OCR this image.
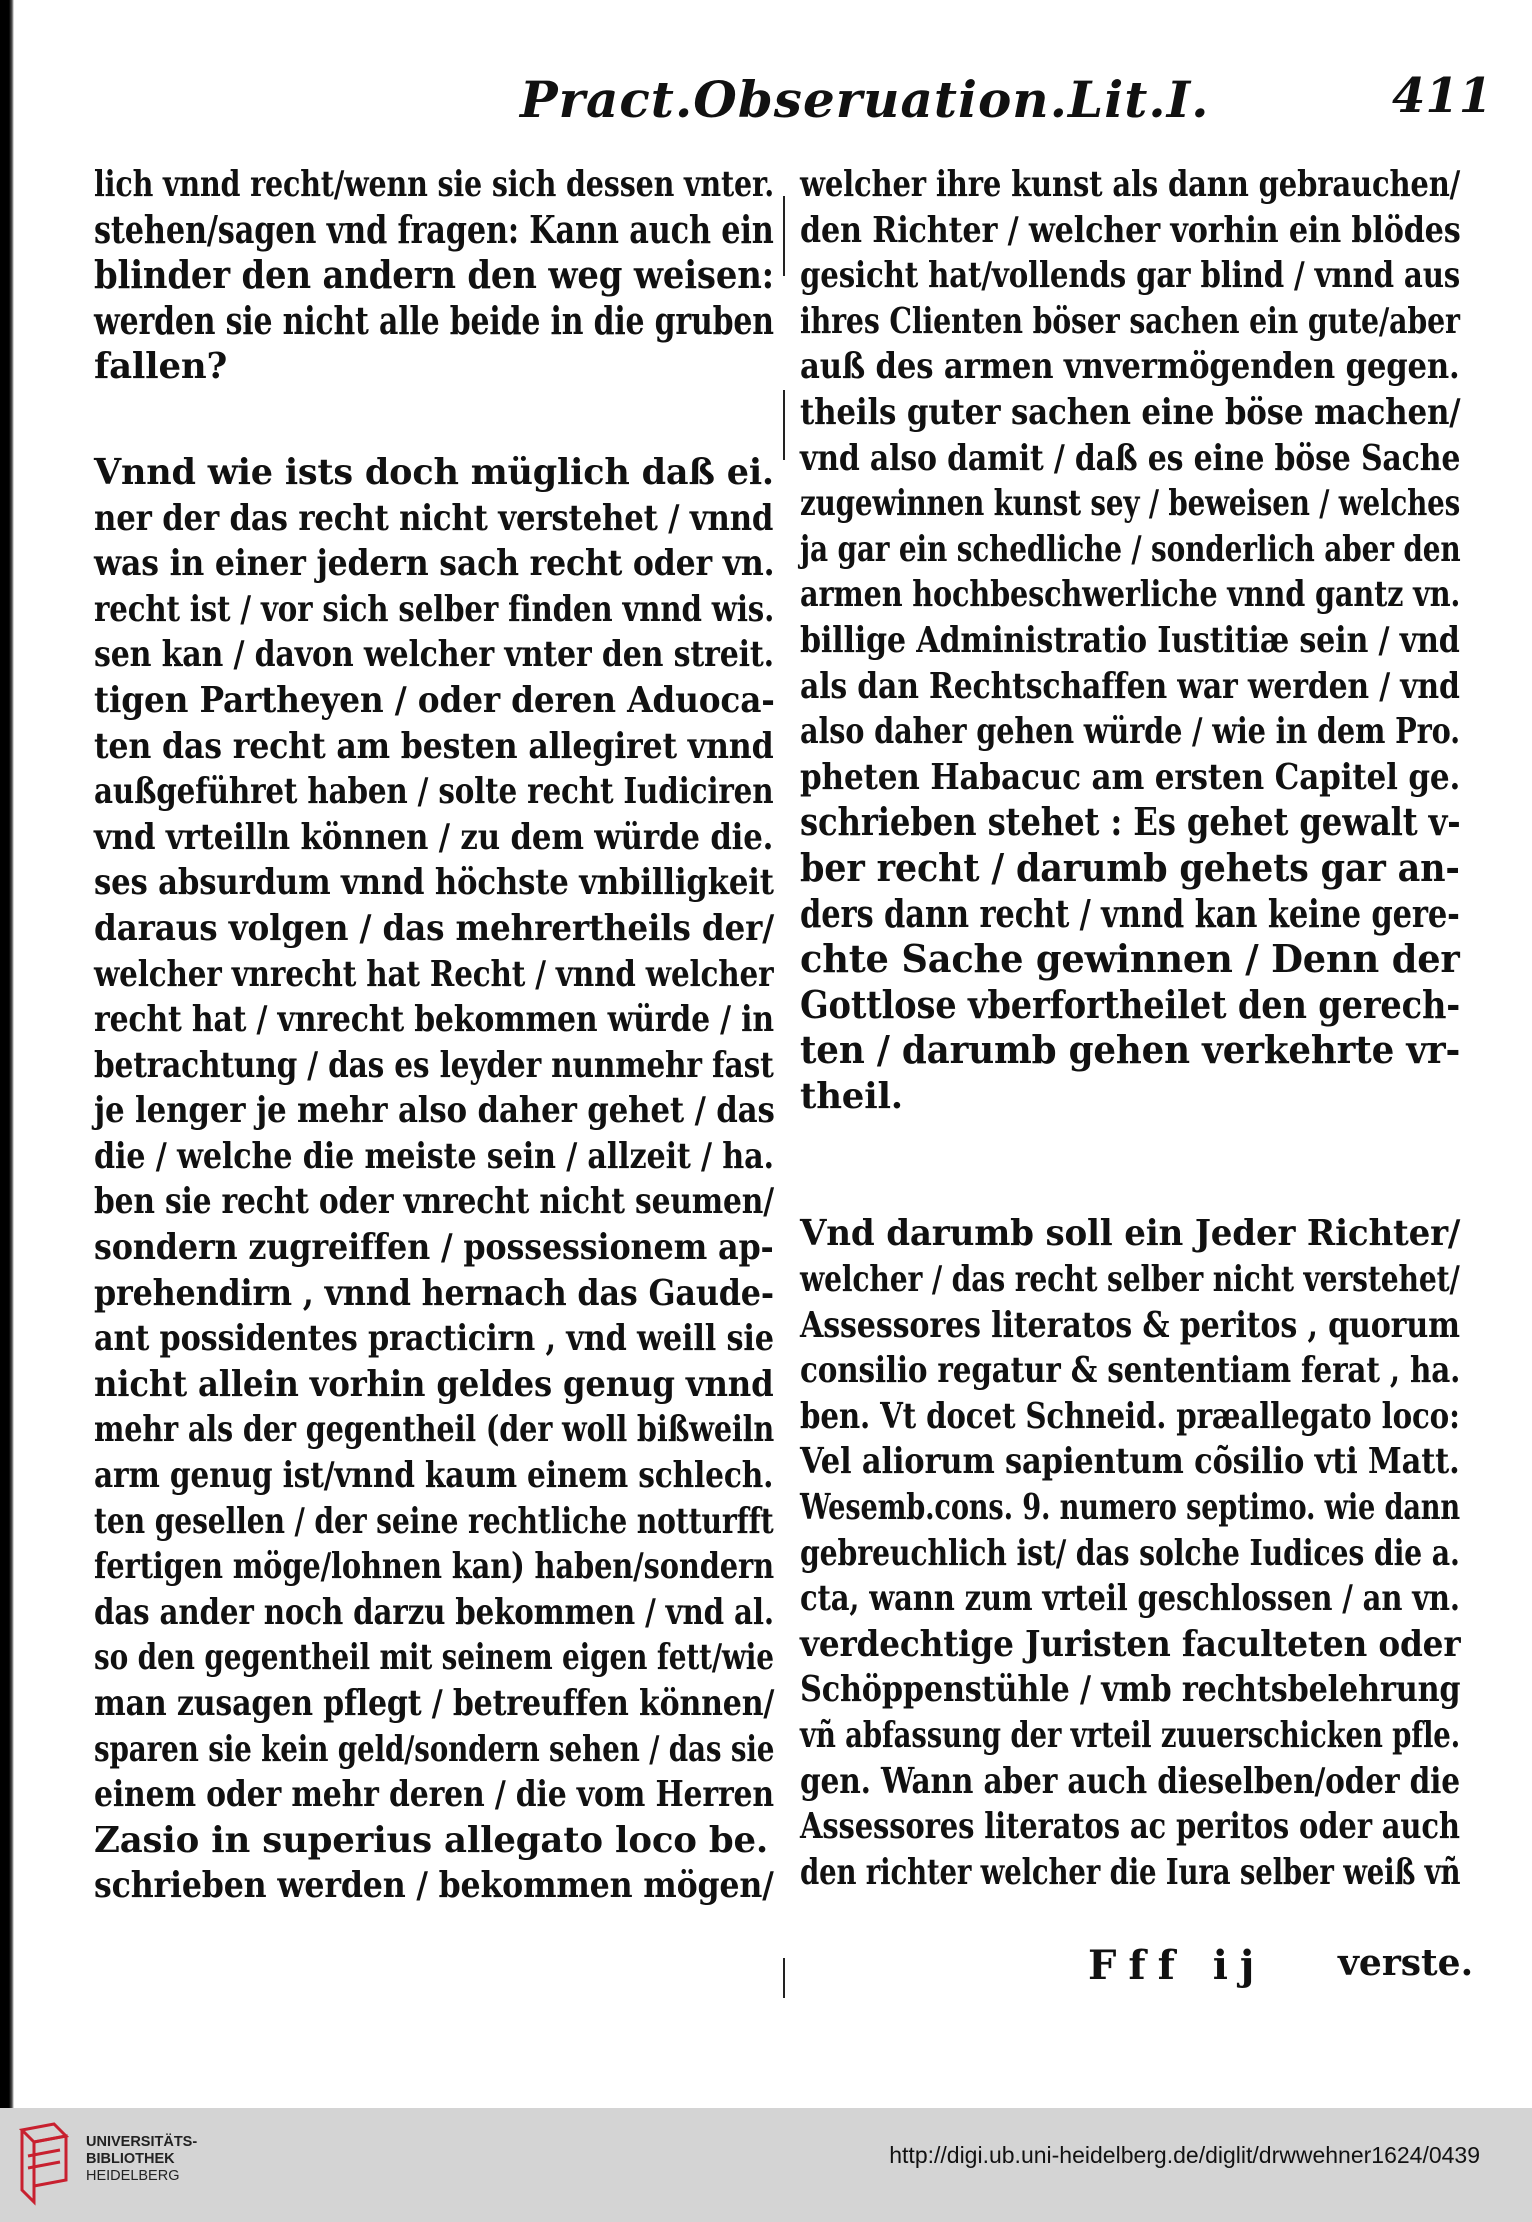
Pract.Obseruation.Lit.I.	411
lich vnnd recht/wenn sie sich dessen vnter.
stehen/sagen vnd fragen: Kann auch ein
blinder den andern den weg weisen:
werden sie nicht alle beide in die gruben
fallen?
Vnnd wie ists doch müglich daß ei.
ner der das recht nicht verstehet / vnnd
was in einer jedern sach recht oder vn.
recht ist / vor sich selber finden vnnd wis.
sen kan / davon welcher vnter den streit.
tigen Partheyen / oder deren Aduoca-
ten das recht am besten allegiret vnnd
außgeführet haben / solte recht Iudiciren
vnd vrteilln können / zu dem würde die.
ses absurdum vnnd höchste vnbilligkeit
daraus volgen / das mehrertheils der/
welcher vnrecht hat Recht / vnnd welcher
recht hat / vnrecht bekommen würde / in
betrachtung / das es leyder nunmehr fast
je lenger je mehr also daher gehet / das
die / welche die meiste sein / allzeit / ha.
ben sie recht oder vnrecht nicht seumen/
sondern zugreiffen / possessionem ap-
prehendirn , vnnd hernach das Gaude-
ant possidentes practicirn , vnd weill sie
nicht allein vorhin geldes genug vnnd
mehr als der gegentheil (der woll bißweiln
arm genug ist/vnnd kaum einem schlech.
ten gesellen / der seine rechtliche notturfft
fertigen möge/lohnen kan) haben/sondern
das ander noch darzu bekommen / vnd al.
so den gegentheil mit seinem eigen fett/wie
man zusagen pflegt / betreuffen können/
sparen sie kein geld/sondern sehen / das sie
einem oder mehr deren / die vom Herren
Zasio in superius allegato loco be.
schrieben werden / bekommen mögen/
welcher ihre kunst als dann gebrauchen/
den Richter / welcher vorhin ein blödes
gesicht hat/vollends gar blind / vnnd aus
ihres Clienten böser sachen ein gute/aber
auß des armen vnvermögenden gegen.
theils guter sachen eine böse machen/
vnd also damit / daß es eine böse Sache
zugewinnen kunst sey / beweisen / welches
ja gar ein schedliche / sonderlich aber den
armen hochbeschwerliche vnnd gantz vn.
billige Administratio Iustitiæ sein / vnd
als dan Rechtschaffen war werden / vnd
also daher gehen würde / wie in dem Pro.
pheten Habacuc am ersten Capitel ge.
schrieben stehet : Es gehet gewalt v-
ber recht / darumb gehets gar an-
ders dann recht / vnnd kan keine gere-
chte Sache gewinnen / Denn der
Gottlose vberfortheilet den gerech-
ten / darumb gehen verkehrte vr-
theil.
Vnd darumb soll ein Jeder Richter/
welcher / das recht selber nicht verstehet/
Assessores literatos & peritos , quorum
consilio regatur & sententiam ferat , ha.
ben. Vt docet Schneid. præallegato loco:
Vel aliorum sapientum cõsilio vti Matt.
Wesemb.cons. 9. numero septimo. wie dann
gebreuchlich ist/ das solche Iudices die a.
cta, wann zum vrteil geschlossen / an vn.
verdechtige Juristen faculteten oder
Schöppenstühle / vmb rechtsbelehrung
vñ abfassung der vrteil zuuerschicken pfle.
gen. Wann aber auch dieselben/oder die
Assessores literatos ac peritos oder auch
den richter welcher die Iura selber weiß vñ
Fff ij verste.
UNIVERSITÄTS-
BIBLIOTHEK
HEIDELBERG
http://digi.ub.uni-heidelberg.de/diglit/drwwehner1624/0439
